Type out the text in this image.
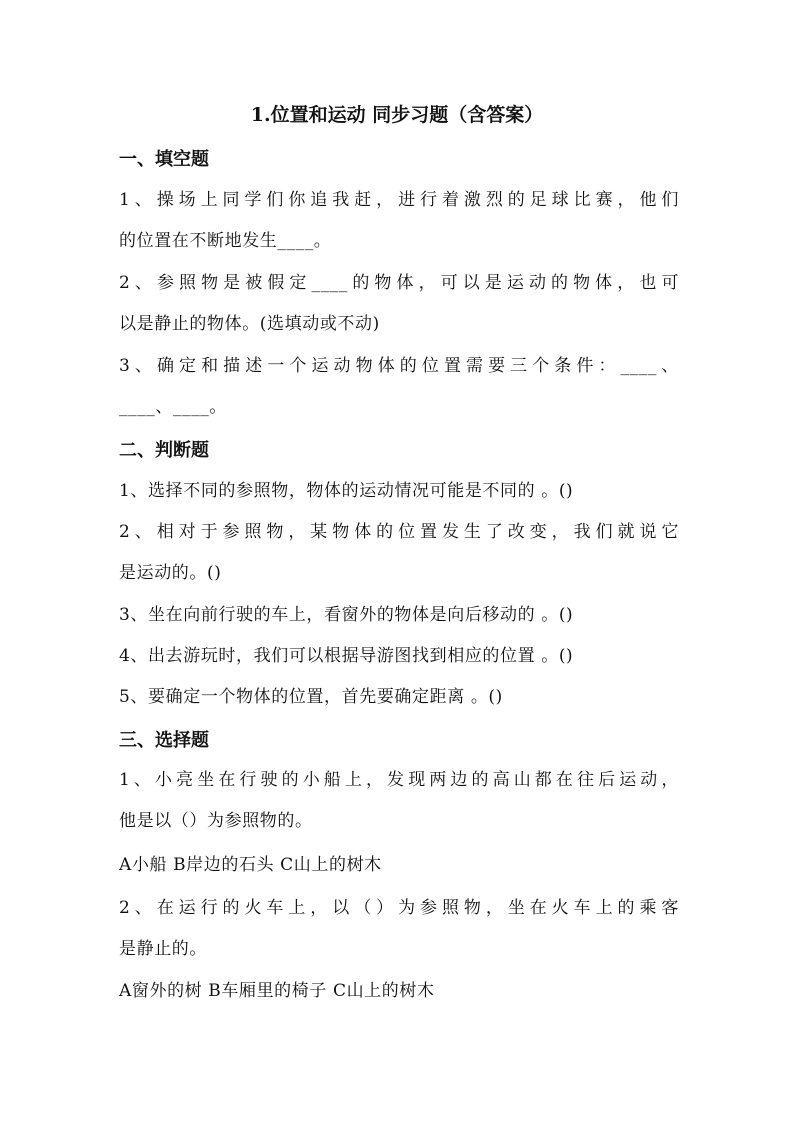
1.位置和运动 同步习题（含答案）
一、填空题
1、操场上同学们你追我赶，进行着激烈的足球比赛，他们
的位置在不断地发生____。
2、参照物是被假定____的物体，可以是运动的物体，也可
以是静止的物体。(选填动或不动)
3、确定和描述一个运动物体的位置需要三个条件：____、
____、____。
二、判断题
1、选择不同的参照物，物体的运动情况可能是不同的 。()
2、相对于参照物，某物体的位置发生了改变，我们就说它
是运动的。()
3、坐在向前行驶的车上，看窗外的物体是向后移动的 。()
4、出去游玩时，我们可以根据导游图找到相应的位置 。()
5、要确定一个物体的位置，首先要确定距离 。()
三、选择题
1、小亮坐在行驶的小船上，发现两边的高山都在往后运动，
他是以（）为参照物的。
A小船 B岸边的石头 C山上的树木
2、在运行的火车上，以（）为参照物，坐在火车上的乘客
是静止的。
A窗外的树 B车厢里的椅子 C山上的树木
